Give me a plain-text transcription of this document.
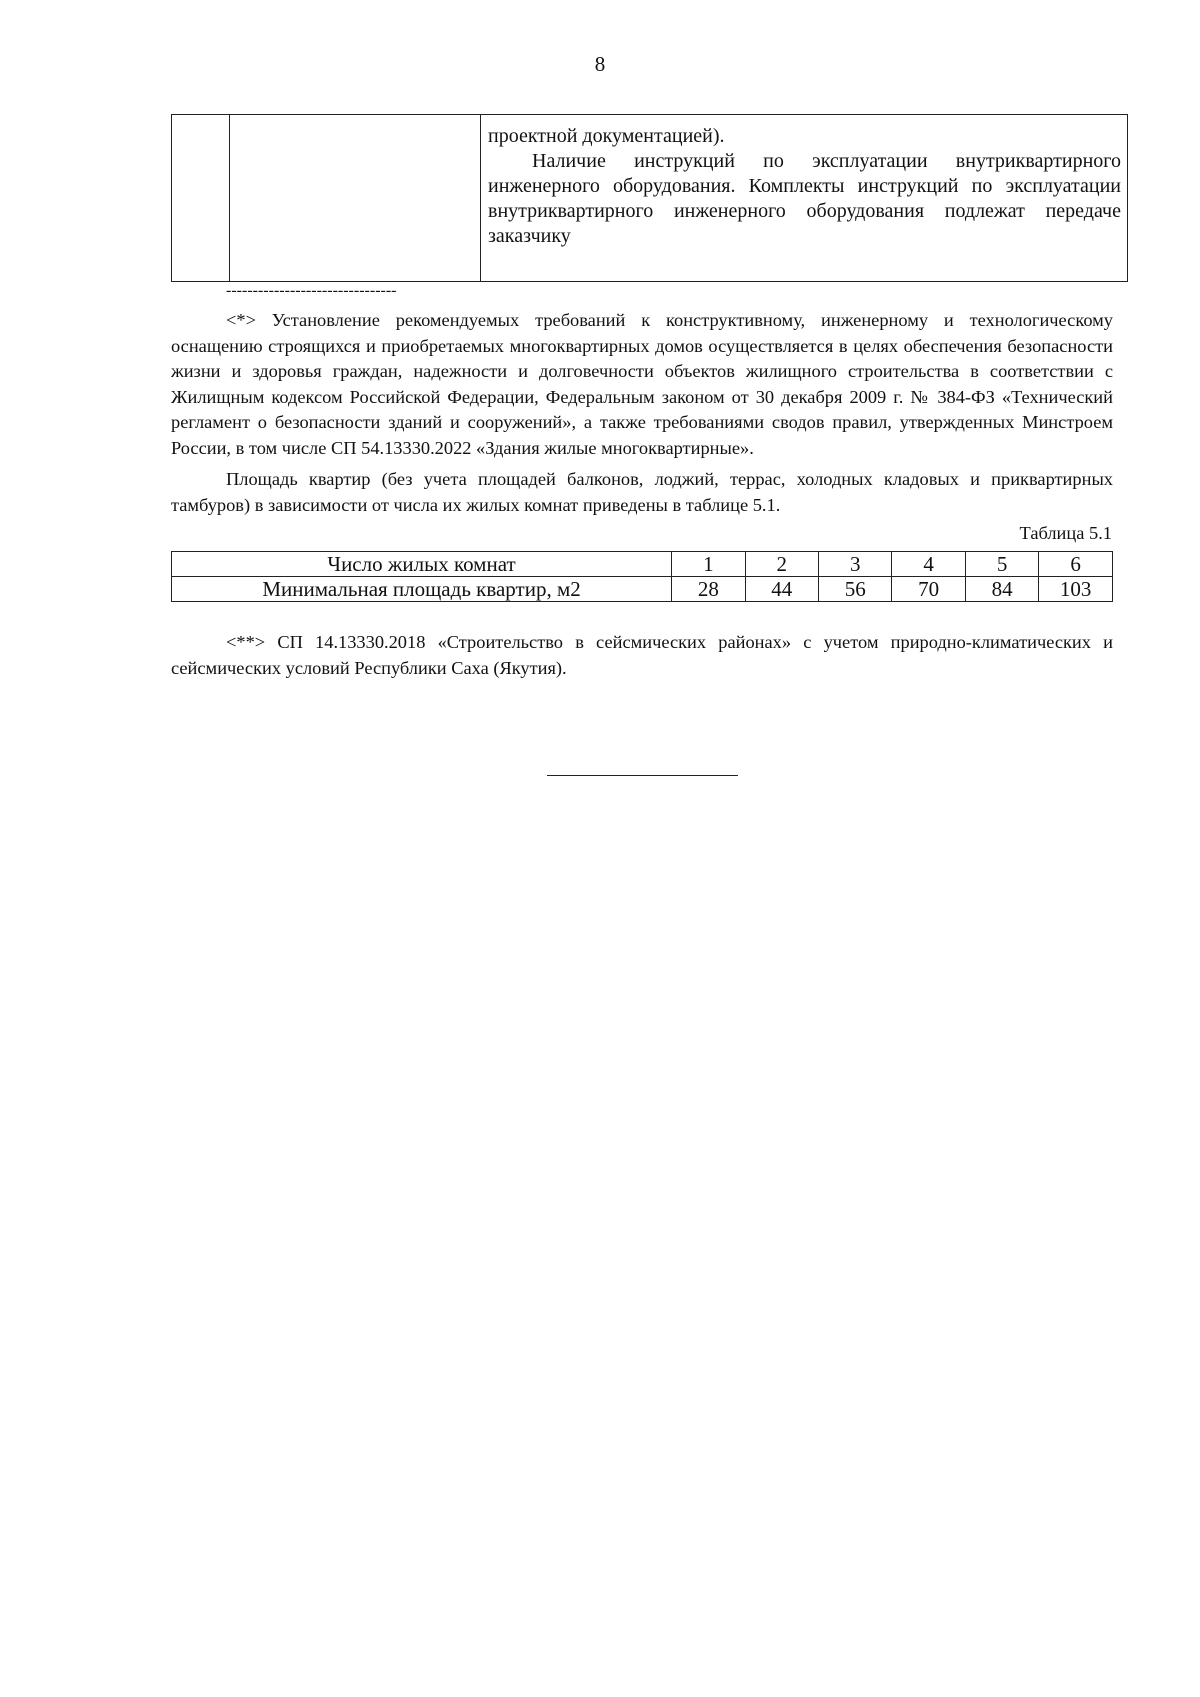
8

проектной документацией).

Наличие инструкций по эксплуатации внутриквартирного инженерного оборудования. Комплекты инструкций по эксплуатации внутриквартирного инженерного оборудования подлежат передаче заказчику

--------------------------------

<*> Установление рекомендуемых требований к конструктивному, инженерному и технологическому оснащению строящихся и приобретаемых многоквартирных домов осуществляется в целях обеспечения безопасности жизни и здоровья граждан, надежности и долговечности объектов жилищного строительства в соответствии с Жилищным кодексом Российской Федерации, Федеральным законом от 30 декабря 2009 г. № 384-ФЗ «Технический регламент о безопасности зданий и сооружений», а также требованиями сводов правил, утвержденных Минстроем России, в том числе СП 54.13330.2022 «Здания жилые многоквартирные».

Площадь квартир (без учета площадей балконов, лоджий, террас, холодных кладовых и приквартирных тамбуров) в зависимости от числа их жилых комнат приведены в таблице 5.1.

Таблица 5.1
Число жилых комнат	1	2	3	4	5	6
Минимальная площадь квартир, м2	28	44	56	70	84	103

<**> СП 14.13330.2018 «Строительство в сейсмических районах» с учетом природно-климатических и сейсмических условий Республики Саха (Якутия).
